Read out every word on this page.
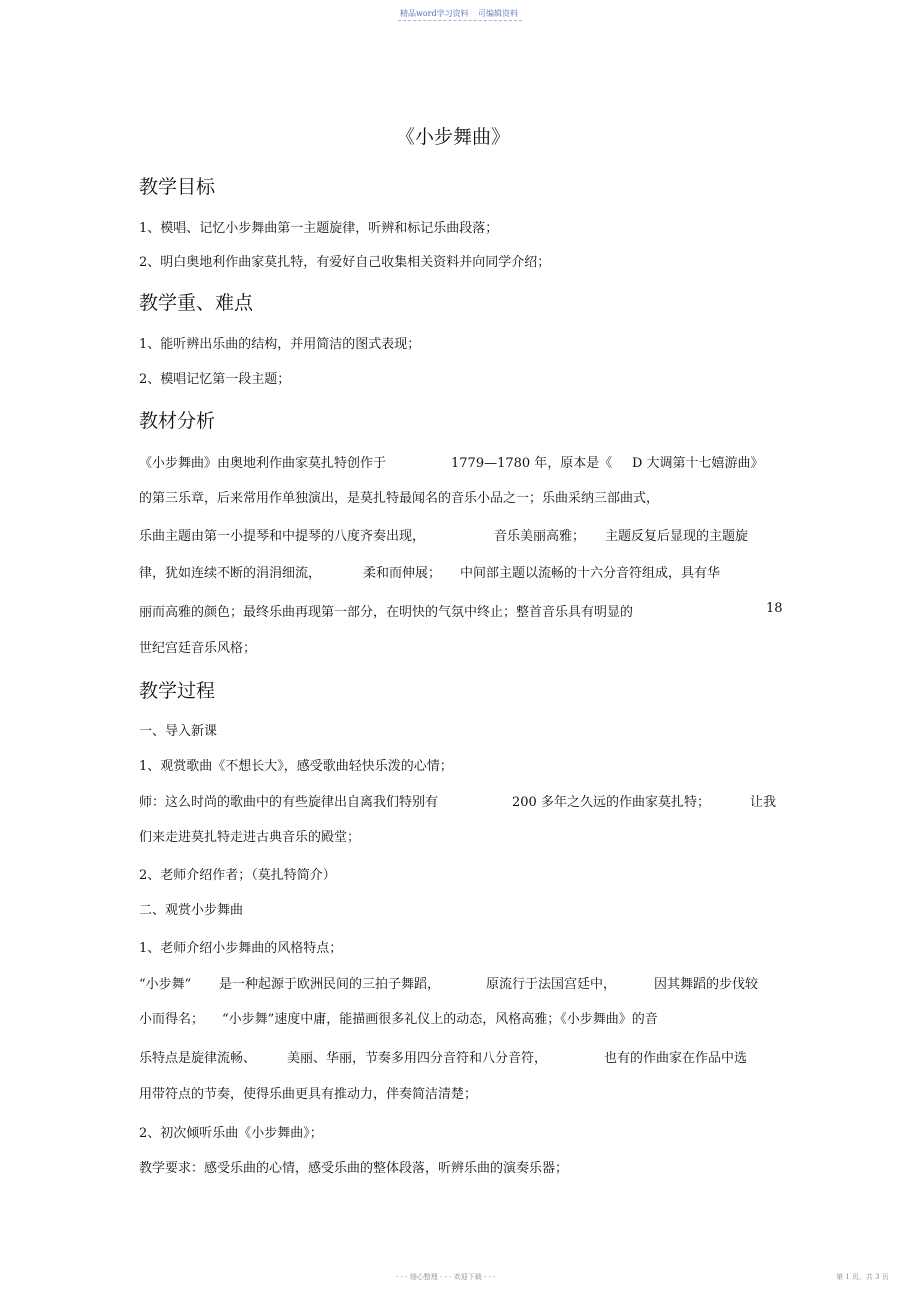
精品word学习资料 可编辑资料
《小步舞曲》
教学目标
1、模唱、记忆小步舞曲第一主题旋律，听辨和标记乐曲段落；
2、明白奥地利作曲家莫扎特，有爱好自己收集相关资料并向同学介绍；
教学重、难点
1、能听辨出乐曲的结构，并用简洁的图式表现；
2、模唱记忆第一段主题；
教材分析
《小步舞曲》由奥地利作曲家莫扎特创作于	1779—1780 年，原本是《 D 大调第十七嬉游曲》
的第三乐章，后来常用作单独演出，是莫扎特最闻名的音乐小品之一；乐曲采纳三部曲式，
乐曲主题由第一小提琴和中提琴的八度齐奏出现，	音乐美丽高雅； 主题反复后显现的主题旋
律，犹如连续不断的涓涓细流，	柔和而伸展； 中间部主题以流畅的十六分音符组成，具有华
丽而高雅的颜色；最终乐曲再现第一部分，在明快的气氛中终止；整首音乐具有明显的	18
世纪宫廷音乐风格；
教学过程
一、导入新课
1、观赏歌曲《不想长大》，感受歌曲轻快乐泼的心情；
师：这么时尚的歌曲中的有些旋律出自离我们特别有	200 多年之久远的作曲家莫扎特；	让我
们来走进莫扎特走进古典音乐的殿堂；
2、老师介绍作者；（莫扎特简介）
二、观赏小步舞曲
1、老师介绍小步舞曲的风格特点；
“小步舞” 是一种起源于欧洲民间的三拍子舞蹈，	原流行于法国宫廷中，	因其舞蹈的步伐较
小而得名； “小步舞”速度中庸，能描画很多礼仪上的动态，风格高雅；《小步舞曲》的音
乐特点是旋律流畅、 美丽、华丽，节奏多用四分音符和八分音符，	也有的作曲家在作品中选
用带符点的节奏，使得乐曲更具有推动力，伴奏简洁清楚；
2、初次倾听乐曲《小步舞曲》；
教学要求：感受乐曲的心情，感受乐曲的整体段落，听辨乐曲的演奏乐器；
- - - 细心整理 - - - 欢迎下载 - - -	第 1 页，共 3 页
